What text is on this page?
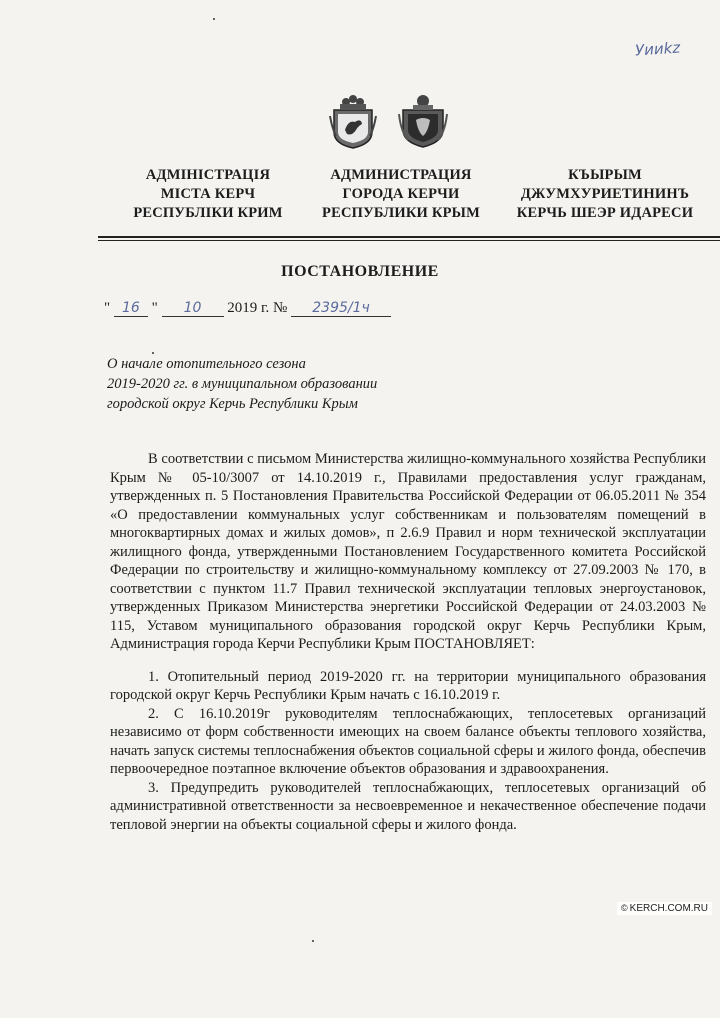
Уииkz
АДМІНІСТРАЦІЯ
МІСТА КЕРЧ
РЕСПУБЛІКИ КРИМ
АДМИНИСТРАЦИЯ
ГОРОДА КЕРЧИ
РЕСПУБЛИКИ КРЫМ
КЪЫРЫМ
ДЖУМХУРИЕТИНИНЪ
КЕРЧЬ ШЕЭР ИДАРЕСИ
ПОСТАНОВЛЕНИЕ
" 16 " 10 2019 г. № 2395/1ч
О начале отопительного сезона
2019-2020 гг. в муниципальном образовании
городской округ Керчь Республики Крым

В соответствии с письмом Министерства жилищно-коммунального хозяйства Республики Крым № 05-10/3007 от 14.10.2019 г., Правилами предоставления услуг гражданам, утвержденных п. 5 Постановления Правительства Российской Федерации от 06.05.2011 № 354 «О предоставлении коммунальных услуг собственникам и пользователям помещений в многоквартирных домах и жилых домов», п 2.6.9 Правил и норм технической эксплуатации жилищного фонда, утвержденными Постановлением Государственного комитета Российской Федерации по строительству и жилищно-коммунальному комплексу от 27.09.2003 № 170, в соответствии с пунктом 11.7 Правил технической эксплуатации тепловых энергоустановок, утвержденных Приказом Министерства энергетики Российской Федерации от 24.03.2003 № 115, Уставом муниципального образования городской округ Керчь Республики Крым, Администрация города Керчи Республики Крым ПОСТАНОВЛЯЕТ:

1. Отопительный период 2019-2020 гг. на территории муниципального образования городской округ Керчь Республики Крым начать с 16.10.2019 г.

2. С 16.10.2019г руководителям теплоснабжающих, теплосетевых организаций независимо от форм собственности имеющих на своем балансе объекты теплового хозяйства, начать запуск системы теплоснабжения объектов социальной сферы и жилого фонда, обеспечив первоочередное поэтапное включение объектов образования и здравоохранения.

3. Предупредить руководителей теплоснабжающих, теплосетевых организаций об административной ответственности за несвоевременное и некачественное обеспечение подачи тепловой энергии на объекты социальной сферы и жилого фонда.

© KERCH.COM.RU
